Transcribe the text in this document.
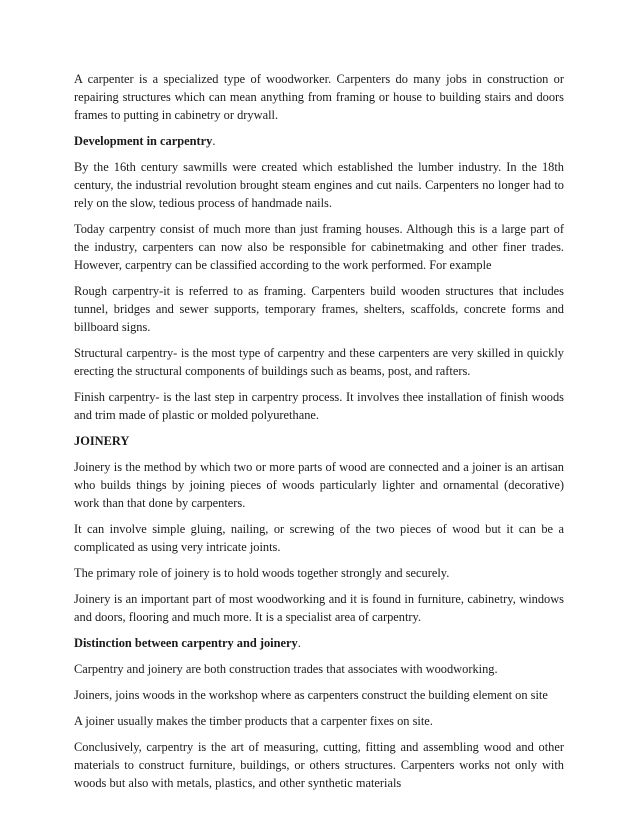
A carpenter is a specialized type of woodworker. Carpenters do many jobs in construction or repairing structures which can mean anything from framing or house to building stairs and doors frames to putting in cabinetry or drywall.

Development in carpentry.

By the 16th century sawmills were created which established the lumber industry. In the 18th century, the industrial revolution brought steam engines and cut nails. Carpenters no longer had to rely on the slow, tedious process of handmade nails.

Today carpentry consist of much more than just framing houses. Although this is a large part of the industry, carpenters can now also be responsible for cabinetmaking and other finer trades. However, carpentry can be classified according to the work performed. For example

Rough carpentry-it is referred to as framing. Carpenters build wooden structures that includes tunnel, bridges and sewer supports, temporary frames, shelters, scaffolds, concrete forms and billboard signs.

Structural carpentry- is the most type of carpentry and these carpenters are very skilled in quickly erecting the structural components of buildings such as beams, post, and rafters.

Finish carpentry- is the last step in carpentry process. It involves thee installation of finish woods and trim made of plastic or molded polyurethane.

JOINERY

Joinery is the method by which two or more parts of wood are connected and a joiner is an artisan who builds things by joining pieces of woods particularly lighter and ornamental (decorative) work than that done by carpenters.

It can involve simple gluing, nailing, or screwing of the two pieces of wood but it can be a complicated as using very intricate joints.

The primary role of joinery is to hold woods together strongly and securely.

Joinery is an important part of most woodworking and it is found in furniture, cabinetry, windows and doors, flooring and much more. It is a specialist area of carpentry.

Distinction between carpentry and joinery.

Carpentry and joinery are both construction trades that associates with woodworking.

Joiners, joins woods in the workshop where as carpenters construct the building element on site

A joiner usually makes the timber products that a carpenter fixes on site.

Conclusively, carpentry is the art of measuring, cutting, fitting and assembling wood and other materials to construct furniture, buildings, or others structures. Carpenters works not only with woods but also with metals, plastics, and other synthetic materials
